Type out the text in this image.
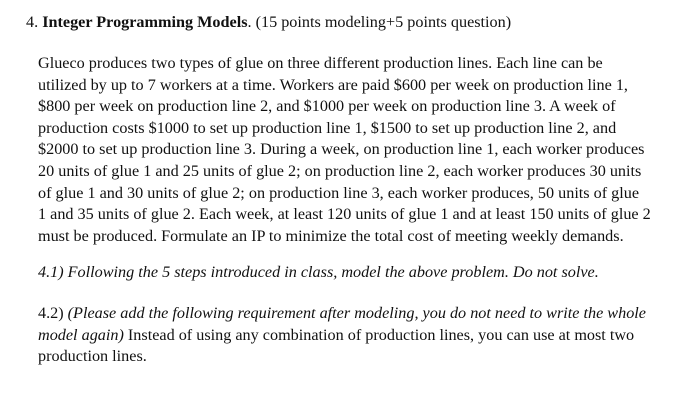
4. Integer Programming Models. (15 points modeling+5 points question)
Glueco produces two types of glue on three different production lines. Each line can be
utilized by up to 7 workers at a time. Workers are paid $600 per week on production line 1,
$800 per week on production line 2, and $1000 per week on production line 3. A week of
production costs $1000 to set up production line 1, $1500 to set up production line 2, and
$2000 to set up production line 3. During a week, on production line 1, each worker produces
20 units of glue 1 and 25 units of glue 2; on production line 2, each worker produces 30 units
of glue 1 and 30 units of glue 2; on production line 3, each worker produces, 50 units of glue
1 and 35 units of glue 2. Each week, at least 120 units of glue 1 and at least 150 units of glue 2
must be produced. Formulate an IP to minimize the total cost of meeting weekly demands.
4.1) Following the 5 steps introduced in class, model the above problem. Do not solve.
4.2) (Please add the following requirement after modeling, you do not need to write the whole
model again) Instead of using any combination of production lines, you can use at most two
production lines.
